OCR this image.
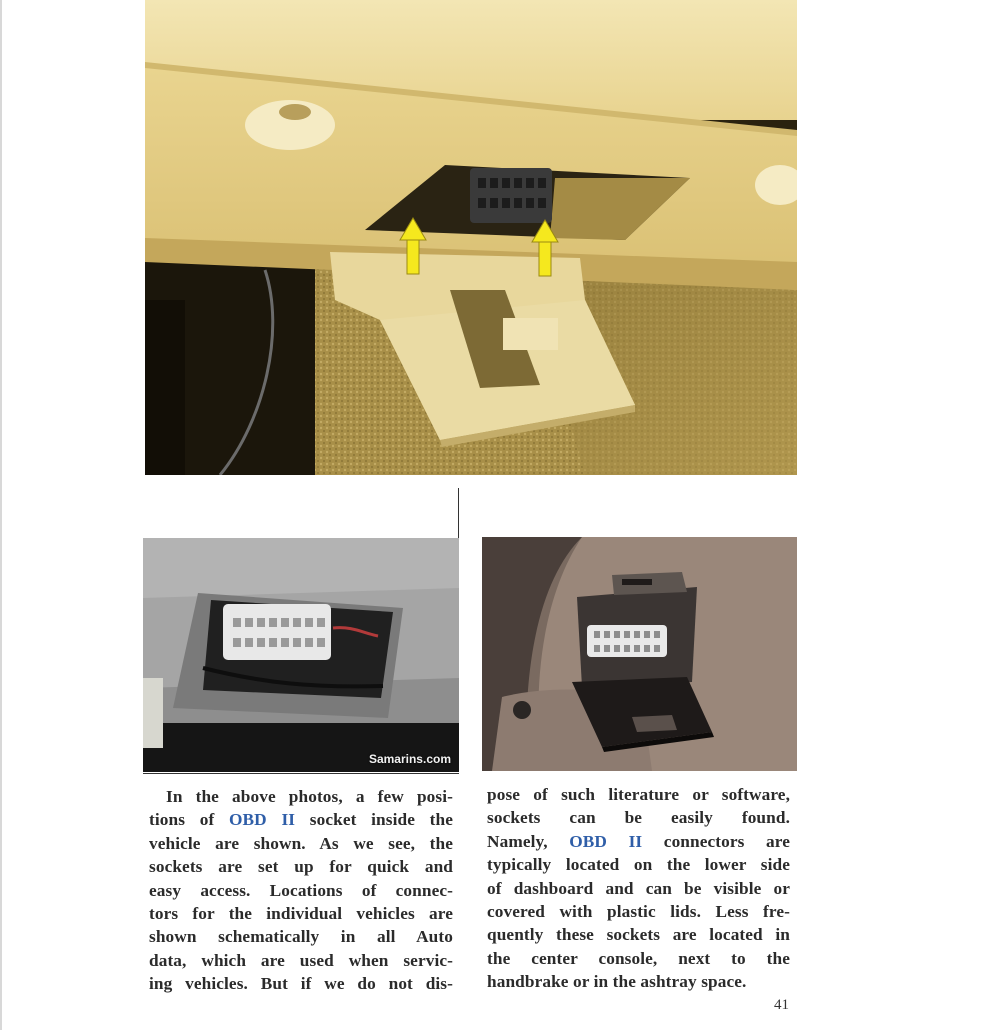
Samarins.com

In the above photos, a few posi-

tions of OBD II socket inside the

vehicle are shown. As we see, the

sockets are set up for quick and

easy access. Locations of connec-

tors for the individual vehicles are

shown schematically in all Auto

data, which are used when servic-

ing vehicles. But if we do not dis-

pose of such literature or software,

sockets can be easily found.

Namely, OBD II connectors are

typically located on the lower side

of dashboard and can be visible or

covered with plastic lids. Less fre-

quently these sockets are located in

the center console, next to the

handbrake or in the ashtray space.

41
